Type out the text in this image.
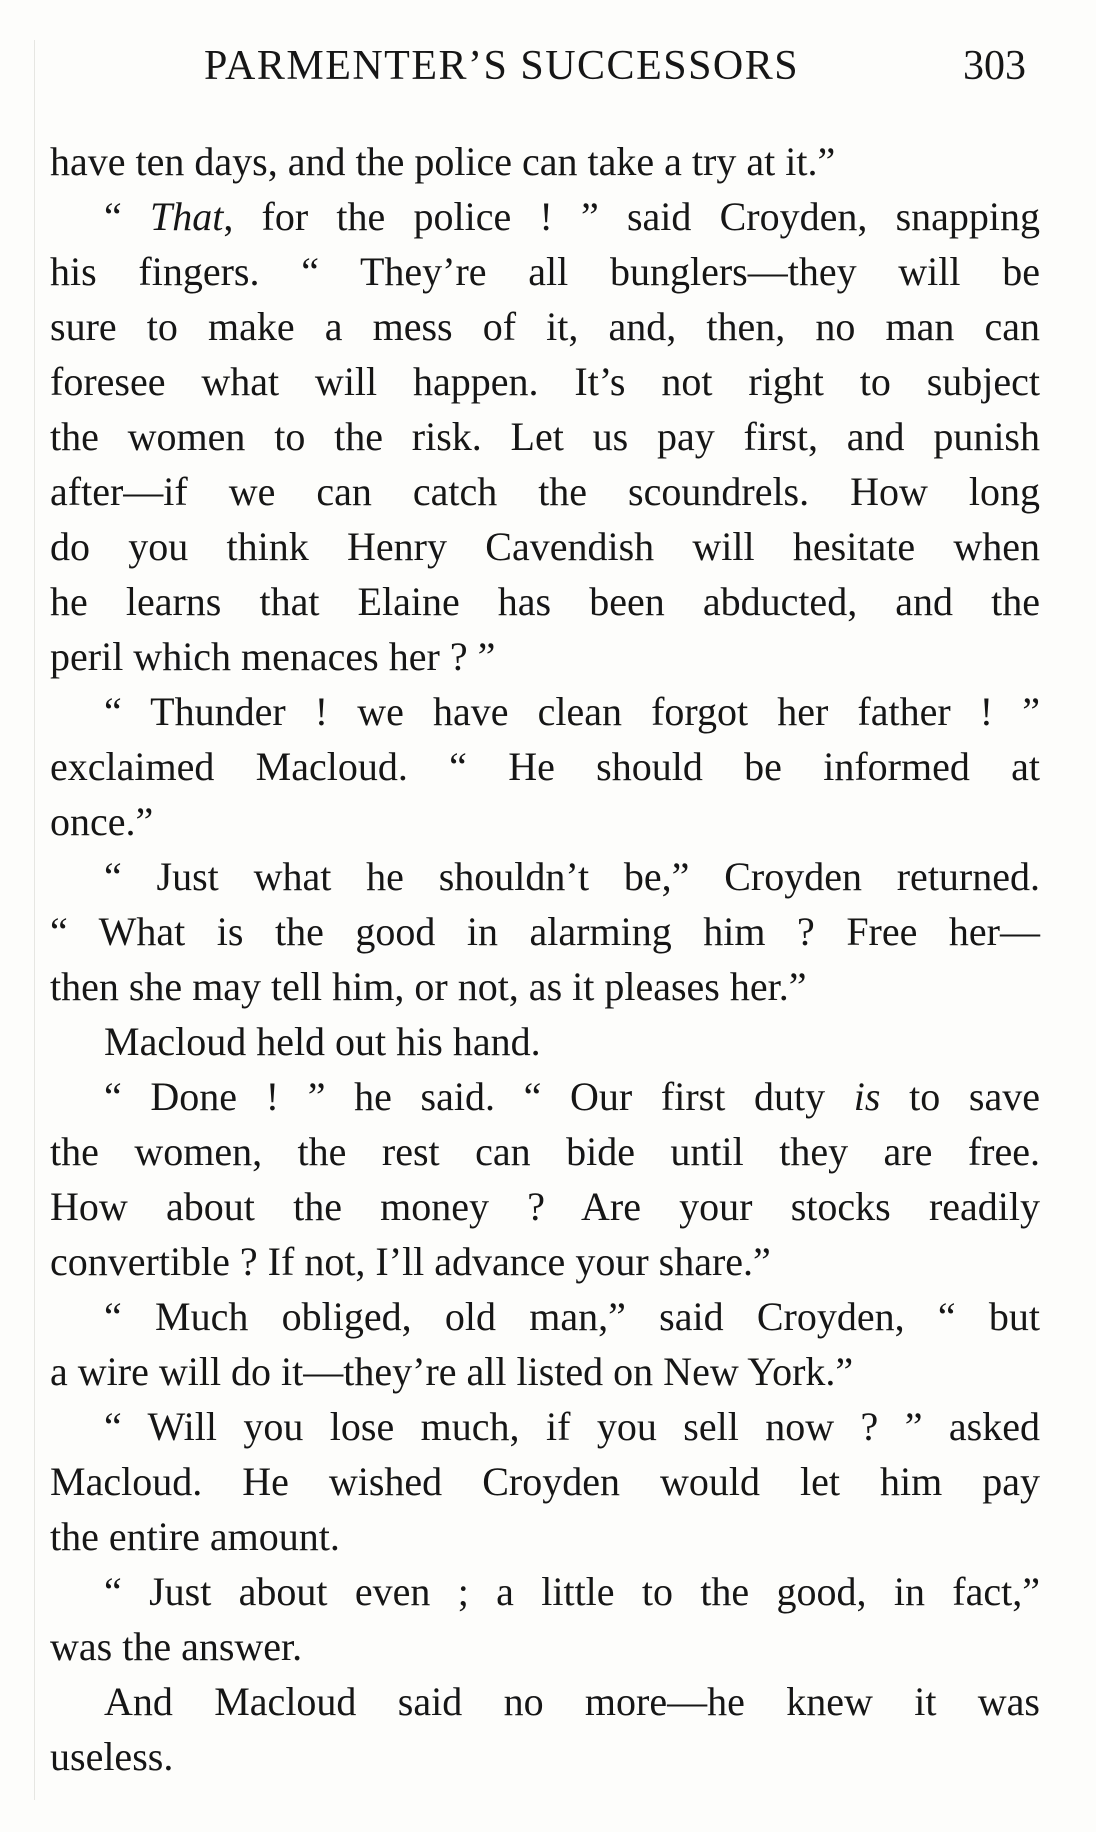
PARMENTER’S SUCCESSORS	303
have ten days, and the police can take a try at it.”
“ That, for the police ! ” said Croyden, snapping
his fingers. “ They’re all bunglers—they will be
sure to make a mess of it, and, then, no man can
foresee what will happen. It’s not right to subject
the women to the risk. Let us pay first, and punish
after—if we can catch the scoundrels. How long
do you think Henry Cavendish will hesitate when
he learns that Elaine has been abducted, and the
peril which menaces her ? ”
“ Thunder ! we have clean forgot her father ! ”
exclaimed Macloud. “ He should be informed at
once.”
“ Just what he shouldn’t be,” Croyden returned.
“ What is the good in alarming him ? Free her—
then she may tell him, or not, as it pleases her.”
Macloud held out his hand.
“ Done ! ” he said. “ Our first duty is to save
the women, the rest can bide until they are free.
How about the money ? Are your stocks readily
convertible ? If not, I’ll advance your share.”
“ Much obliged, old man,” said Croyden, “ but
a wire will do it—they’re all listed on New York.”
“ Will you lose much, if you sell now ? ” asked
Macloud. He wished Croyden would let him pay
the entire amount.
“ Just about even ; a little to the good, in fact,”
was the answer.
And Macloud said no more—he knew it was
useless.
